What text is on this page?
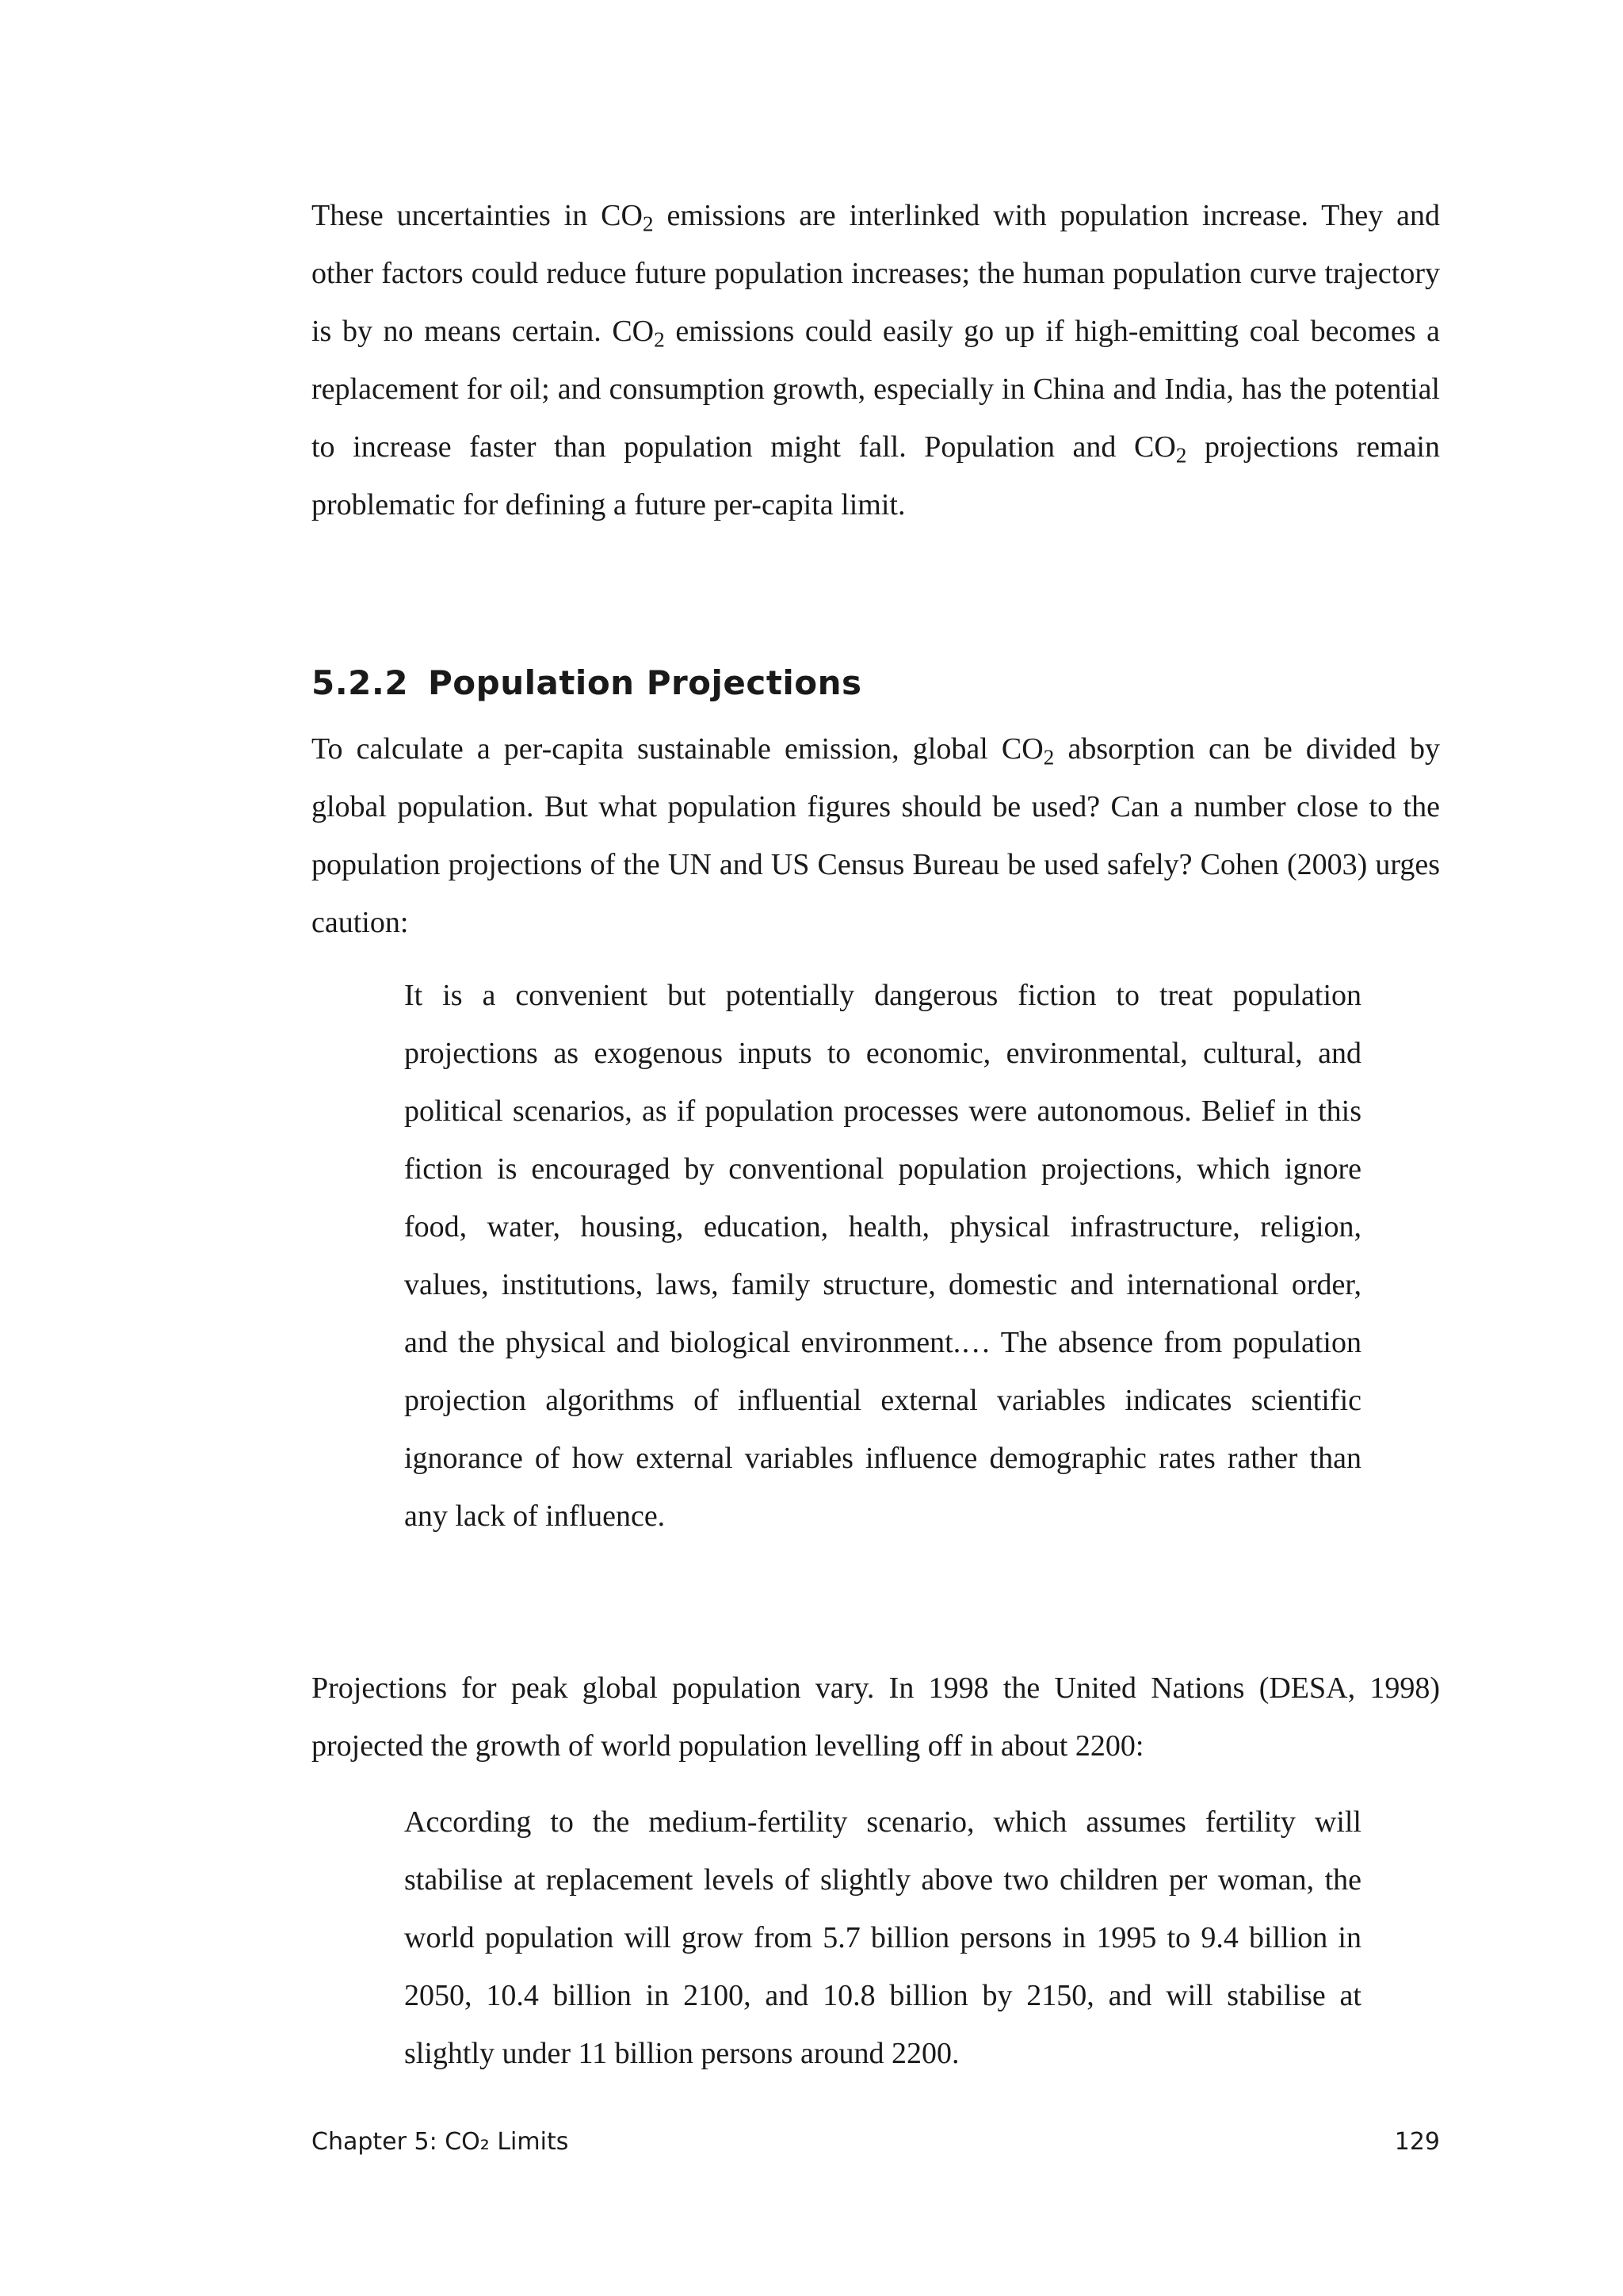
These uncertainties in $CO_2$ emissions are interlinked with population increase. They and other factors could reduce future population increases; the human population curve trajectory is by no means certain. $CO_2$ emissions could easily go up if high-emitting coal becomes a replacement for oil; and consumption growth, especially in China and India, has the potential to increase faster than population might fall. Population and $CO_2$ projections remain problematic for defining a future per-capita limit.

5.2.2 Population Projections

To calculate a per-capita sustainable emission, global $CO_2$ absorption can be divided by global population. But what population figures should be used? Can a number close to the population projections of the UN and US Census Bureau be used safely? Cohen (2003) urges caution:

It is a convenient but potentially dangerous fiction to treat population projections as exogenous inputs to economic, environmental, cultural, and political scenarios, as if population processes were autonomous. Belief in this fiction is encouraged by conventional population projections, which ignore food, water, housing, education, health, physical infrastructure, religion, values, institutions, laws, family structure, domestic and international order, and the physical and biological environment.… The absence from population projection algorithms of influential external variables indicates scientific ignorance of how external variables influence demographic rates rather than any lack of influence.

Projections for peak global population vary. In 1998 the United Nations (DESA, 1998) projected the growth of world population levelling off in about 2200:

According to the medium-fertility scenario, which assumes fertility will stabilise at replacement levels of slightly above two children per woman, the world population will grow from 5.7 billion persons in 1995 to 9.4 billion in 2050, 10.4 billion in 2100, and 10.8 billion by 2150, and will stabilise at slightly under 11 billion persons around 2200.

Chapter 5: CO₂ Limits	129
